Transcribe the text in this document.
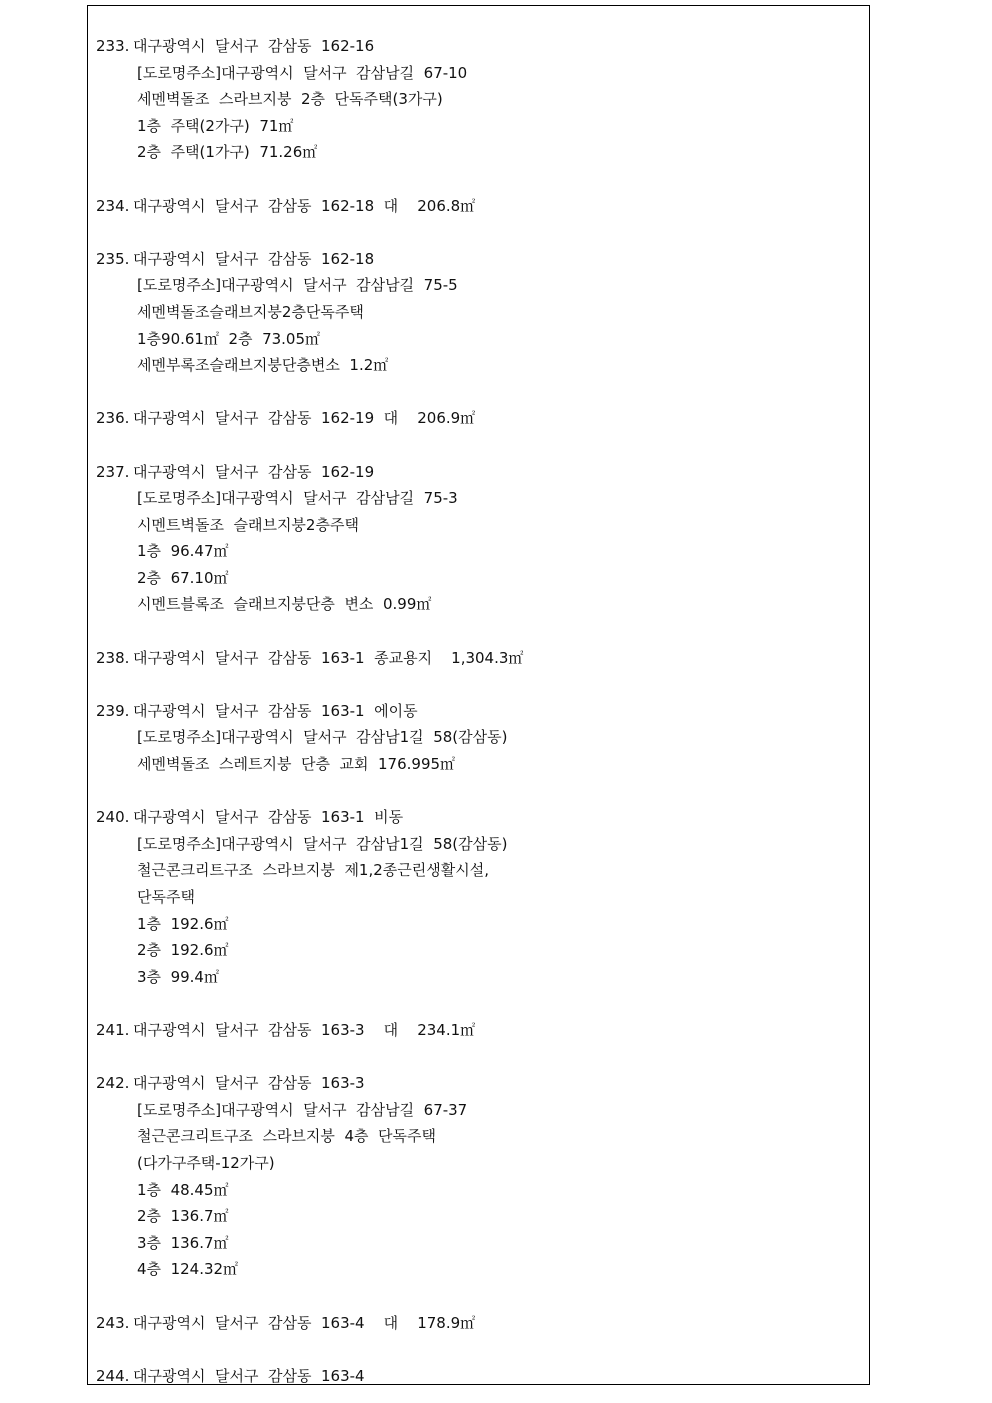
233. 대구광역시  달서구  감삼동  162-16
[도로명주소]대구광역시  달서구  감삼남길  67-10
세멘벽돌조  스라브지붕  2층  단독주택(3가구)
1층  주택(2가구)  71㎡
2층  주택(1가구)  71.26㎡
234. 대구광역시  달서구  감삼동  162-18  대    206.8㎡
235. 대구광역시  달서구  감삼동  162-18
[도로명주소]대구광역시  달서구  감삼남길  75-5
세멘벽돌조슬래브지붕2층단독주택
1층90.61㎡  2층  73.05㎡
세멘부록조슬래브지붕단층변소  1.2㎡
236. 대구광역시  달서구  감삼동  162-19  대    206.9㎡
237. 대구광역시  달서구  감삼동  162-19
[도로명주소]대구광역시  달서구  감삼남길  75-3
시멘트벽돌조  슬래브지붕2층주택
1층  96.47㎡
2층  67.10㎡
시멘트블록조  슬래브지붕단층  변소  0.99㎡
238. 대구광역시  달서구  감삼동  163-1  종교용지    1,304.3㎡
239. 대구광역시  달서구  감삼동  163-1  에이동
[도로명주소]대구광역시  달서구  감삼남1길  58(감삼동)
세멘벽돌조  스레트지붕  단층  교회  176.995㎡
240. 대구광역시  달서구  감삼동  163-1  비동
[도로명주소]대구광역시  달서구  감삼남1길  58(감삼동)
철근콘크리트구조  스라브지붕  제1,2종근린생활시설,
단독주택
1층  192.6㎡
2층  192.6㎡
3층  99.4㎡
241. 대구광역시  달서구  감삼동  163-3    대    234.1㎡
242. 대구광역시  달서구  감삼동  163-3
[도로명주소]대구광역시  달서구  감삼남길  67-37
철근콘크리트구조  스라브지붕  4층  단독주택
(다가구주택-12가구)
1층  48.45㎡
2층  136.7㎡
3층  136.7㎡
4층  124.32㎡
243. 대구광역시  달서구  감삼동  163-4    대    178.9㎡
244. 대구광역시  달서구  감삼동  163-4
